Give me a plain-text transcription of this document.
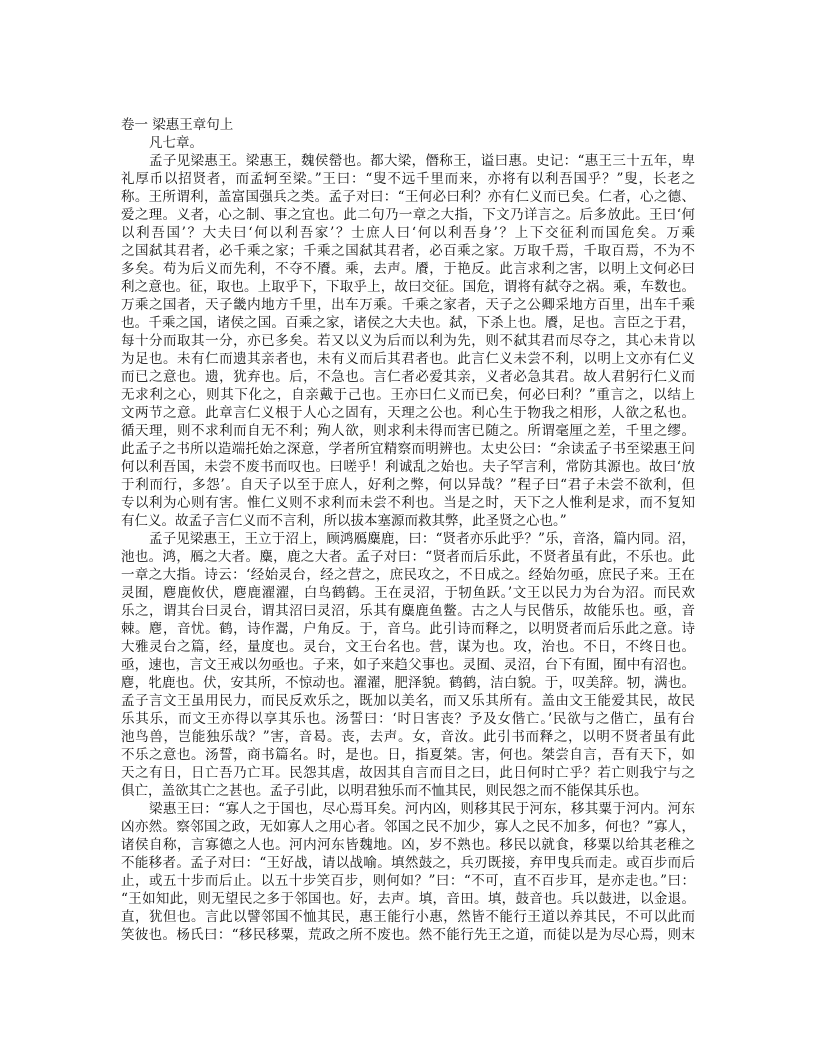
卷一 梁惠王章句上
凡七章。
孟子见梁惠王。梁惠王，魏侯罃也。都大梁，僭称王，谥曰惠。史记：“惠王三十五年，卑
礼厚币以招贤者，而孟轲至梁。”王曰：“叟不远千里而来，亦将有以利吾国乎？”叟，长老之
称。王所谓利，盖富国强兵之类。孟子对曰：“王何必曰利？亦有仁义而已矣。仁者，心之德、
爱之理。义者，心之制、事之宜也。此二句乃一章之大指，下文乃详言之。后多放此。王曰‘何
以利吾国’？大夫曰‘何以利吾家’？士庶人曰‘何以利吾身’？上下交征利而国危矣。万乘
之国弑其君者，必千乘之家；千乘之国弑其君者，必百乘之家。万取千焉，千取百焉，不为不
多矣。苟为后义而先利，不夺不餍。乘，去声。餍，于艳反。此言求利之害，以明上文何必曰
利之意也。征，取也。上取乎下，下取乎上，故曰交征。国危，谓将有弑夺之祸。乘，车数也。
万乘之国者，天子畿内地方千里，出车万乘。千乘之家者，天子之公卿采地方百里，出车千乘
也。千乘之国，诸侯之国。百乘之家，诸侯之大夫也。弑，下杀上也。餍，足也。言臣之于君，
每十分而取其一分，亦已多矣。若又以义为后而以利为先，则不弑其君而尽夺之，其心未肯以
为足也。未有仁而遗其亲者也，未有义而后其君者也。此言仁义未尝不利，以明上文亦有仁义
而已之意也。遗，犹弃也。后，不急也。言仁者必爱其亲，义者必急其君。故人君躬行仁义而
无求利之心，则其下化之，自亲戴于己也。王亦曰仁义而已矣，何必曰利？”重言之，以结上
文两节之意。此章言仁义根于人心之固有，天理之公也。利心生于物我之相形，人欲之私也。
循天理，则不求利而自无不利；殉人欲，则求利未得而害已随之。所谓毫厘之差，千里之缪。
此孟子之书所以造端托始之深意，学者所宜精察而明辨也。太史公曰：“余读孟子书至梁惠王问
何以利吾国，未尝不废书而叹也。曰嗟乎！利诚乱之始也。夫子罕言利，常防其源也。故曰‘放
于利而行，多怨’。自天子以至于庶人，好利之弊，何以异哉？”程子曰“君子未尝不欲利，但
专以利为心则有害。惟仁义则不求利而未尝不利也。当是之时，天下之人惟利是求，而不复知
有仁义。故孟子言仁义而不言利，所以拔本塞源而救其弊，此圣贤之心也。”
孟子见梁惠王，王立于沼上，顾鸿鴈麋鹿，曰：“贤者亦乐此乎？”乐，音洛，篇内同。沼，
池也。鸿，鴈之大者。麋，鹿之大者。孟子对曰：“贤者而后乐此，不贤者虽有此，不乐也。此
一章之大指。诗云：‘经始灵台，经之营之，庶民攻之，不日成之。经始勿亟，庶民子来。王在
灵囿，麀鹿攸伏，麀鹿濯濯，白鸟鹤鹤。王在灵沼，于牣鱼跃。’文王以民力为台为沼。而民欢
乐之，谓其台曰灵台，谓其沼曰灵沼，乐其有麋鹿鱼鳖。古之人与民偕乐，故能乐也。亟，音
棘。麀，音忧。鹤，诗作翯，户角反。于，音乌。此引诗而释之，以明贤者而后乐此之意。诗
大雅灵台之篇，经，量度也。灵台，文王台名也。营，谋为也。攻，治也。不日，不终日也。
亟，速也，言文王戒以勿亟也。子来，如子来趋父事也。灵囿、灵沼，台下有囿，囿中有沼也。
麀，牝鹿也。伏，安其所，不惊动也。濯濯，肥泽貌。鹤鹤，洁白貌。于，叹美辞。牣，满也。
孟子言文王虽用民力，而民反欢乐之，既加以美名，而又乐其所有。盖由文王能爱其民，故民
乐其乐，而文王亦得以享其乐也。汤誓曰：‘时日害丧？予及女偕亡。’民欲与之偕亡，虽有台
池鸟兽，岂能独乐哉？”害，音曷。丧，去声。女，音汝。此引书而释之，以明不贤者虽有此
不乐之意也。汤誓，商书篇名。时，是也。日，指夏桀。害，何也。桀尝自言，吾有天下，如
天之有日，日亡吾乃亡耳。民怨其虐，故因其自言而目之曰，此日何时亡乎？若亡则我宁与之
俱亡，盖欲其亡之甚也。孟子引此，以明君独乐而不恤其民，则民怨之而不能保其乐也。
梁惠王曰：“寡人之于国也，尽心焉耳矣。河内凶，则移其民于河东，移其粟于河内。河东
凶亦然。察邻国之政，无如寡人之用心者。邻国之民不加少，寡人之民不加多，何也？”寡人，
诸侯自称，言寡德之人也。河内河东皆魏地。凶，岁不熟也。移民以就食，移粟以给其老稚之
不能移者。孟子对曰：“王好战，请以战喻。填然鼓之，兵刃既接，弃甲曳兵而走。或百步而后
止，或五十步而后止。以五十步笑百步，则何如？”曰：“不可，直不百步耳，是亦走也。”曰：
“王如知此，则无望民之多于邻国也。好，去声。填，音田。填，鼓音也。兵以鼓进，以金退。
直，犹但也。言此以譬邻国不恤其民，惠王能行小惠，然皆不能行王道以养其民，不可以此而
笑彼也。杨氏曰：“移民移粟，荒政之所不废也。然不能行先王之道，而徒以是为尽心焉，则末
